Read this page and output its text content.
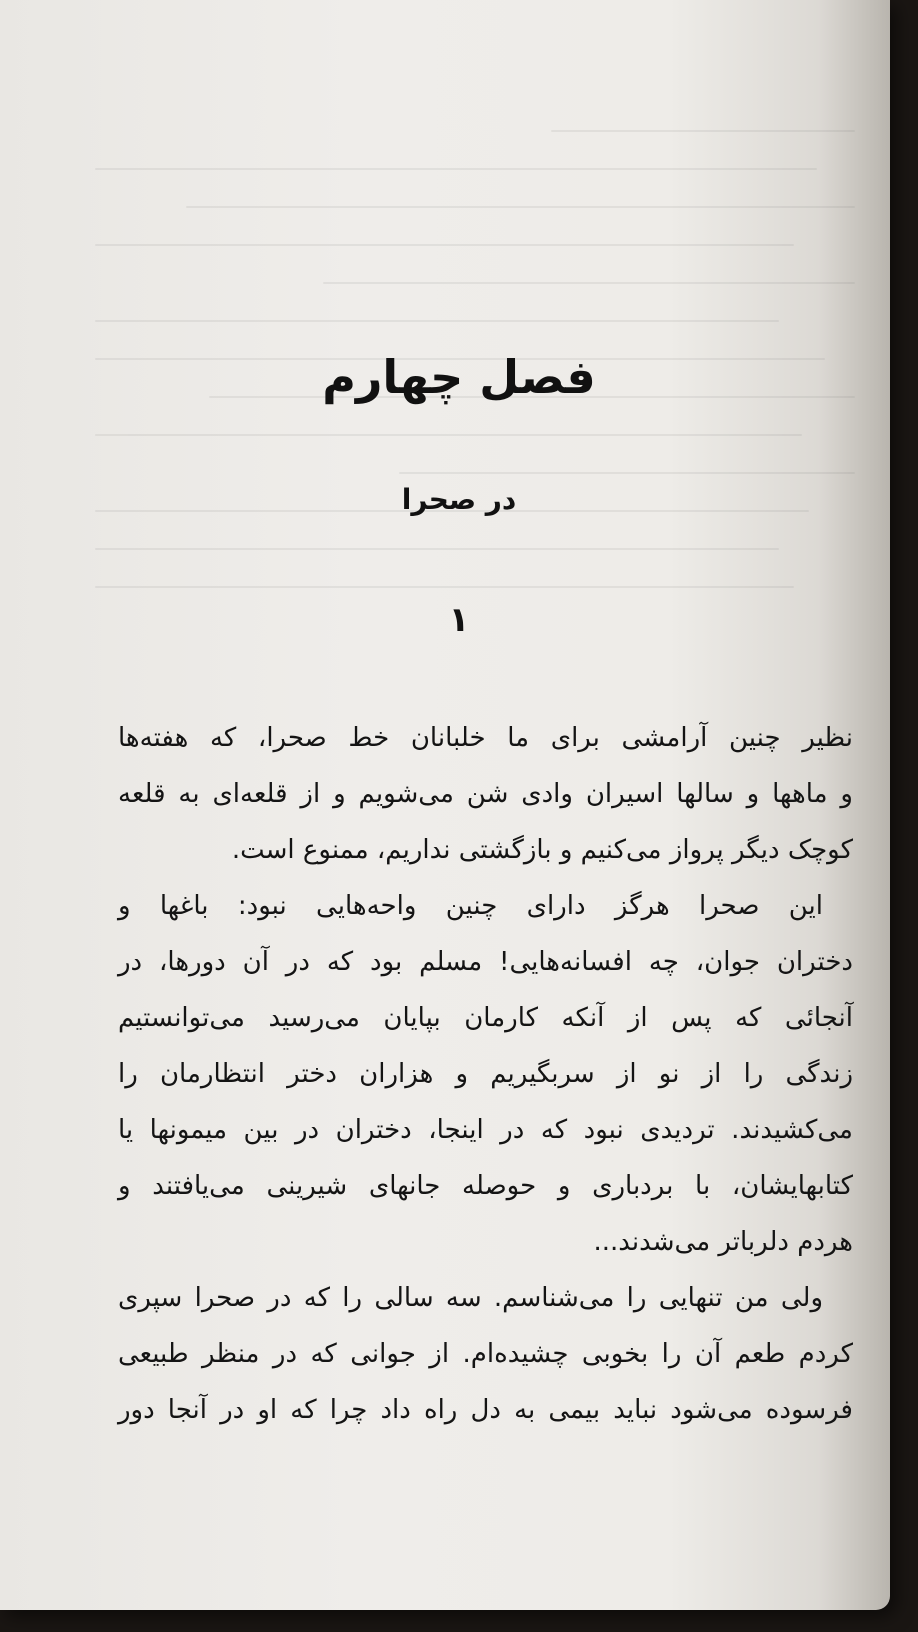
فصل چهارم
در صحرا
۱
نظیر چنین آرامشی برای ما خلبانان خط صحرا، که هفته‌ها
و ماهها و سالها اسیران وادی شن می‌شویم و از قلعه‌ای به قلعه
کوچک دیگر پرواز می‌کنیم و بازگشتی نداریم، ممنوع است.
این صحرا هرگز دارای چنین واحه‌هایی نبود: باغها و
دختران جوان، چه افسانه‌هایی! مسلم بود که در آن دورها، در
آنجائی که پس از آنکه کارمان بپایان می‌رسید می‌توانستیم
زندگی را از نو از سربگیریم و هزاران دختر انتظارمان را
می‌کشیدند. تردیدی نبود که در اینجا، دختران در بین میمونها یا
کتابهایشان، با بردباری و حوصله جانهای شیرینی می‌یافتند و
هردم دلرباتر می‌شدند...
ولی من تنهایی را می‌شناسم. سه سالی را که در صحرا سپری
کردم طعم آن را بخوبی چشیده‌ام. از جوانی که در منظر طبیعی
فرسوده می‌شود نباید بیمی به دل راه داد چرا که او در آنجا دور
